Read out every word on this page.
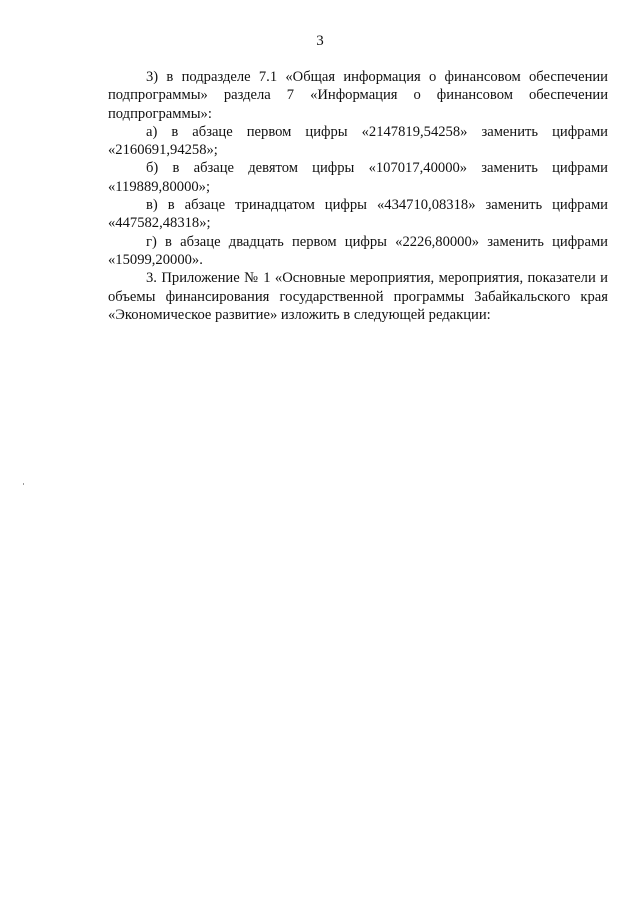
3

3) в подразделе 7.1 «Общая информация о финансовом обеспечении подпрограммы» раздела 7 «Информация о финансовом обеспечении подпрограммы»:

а) в абзаце первом цифры «2147819,54258» заменить цифрами «2160691,94258»;

б) в абзаце девятом цифры «107017,40000» заменить цифрами «119889,80000»;

в) в абзаце тринадцатом цифры «434710,08318» заменить цифрами «447582,48318»;

г) в абзаце двадцать первом цифры «2226,80000» заменить цифрами «15099,20000».

3. Приложение № 1 «Основные мероприятия, мероприятия, показатели и объемы финансирования государственной программы Забайкальского края «Экономическое развитие» изложить в следующей редакции:
